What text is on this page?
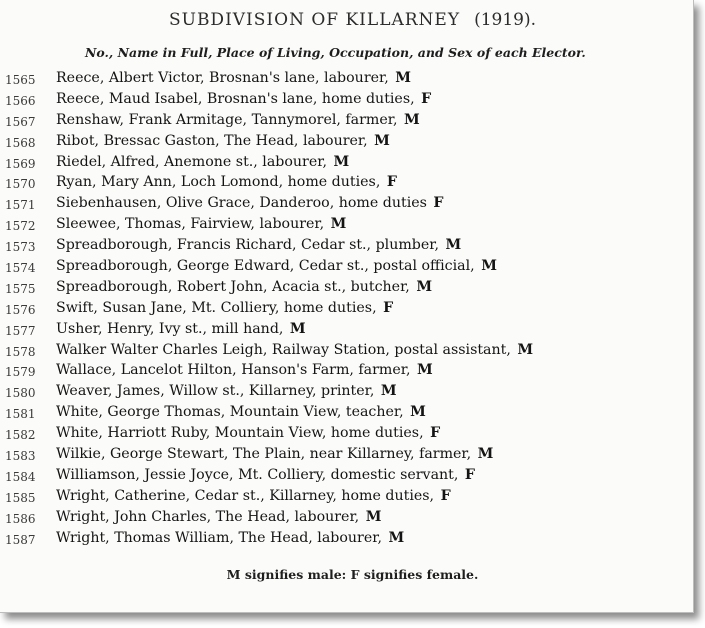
SUBDIVISION OF KILLARNEY (1919).
No., Name in Full, Place of Living, Occupation, and Sex of each Elector.
1565 Reece, Albert Victor, Brosnan's lane, labourer, M
1566 Reece, Maud Isabel, Brosnan's lane, home duties, F
1567 Renshaw, Frank Armitage, Tannymorel, farmer, M
1568 Ribot, Bressac Gaston, The Head, labourer, M
1569 Riedel, Alfred, Anemone st., labourer, M
1570 Ryan, Mary Ann, Loch Lomond, home duties, F
1571 Siebenhausen, Olive Grace, Danderoo, home duties F
1572 Sleewee, Thomas, Fairview, labourer, M
1573 Spreadborough, Francis Richard, Cedar st., plumber, M
1574 Spreadborough, George Edward, Cedar st., postal official, M
1575 Spreadborough, Robert John, Acacia st., butcher, M
1576 Swift, Susan Jane, Mt. Colliery, home duties, F
1577 Usher, Henry, Ivy st., mill hand, M
1578 Walker Walter Charles Leigh, Railway Station, postal assistant, M
1579 Wallace, Lancelot Hilton, Hanson's Farm, farmer, M
1580 Weaver, James, Willow st., Killarney, printer, M
1581 White, George Thomas, Mountain View, teacher, M
1582 White, Harriott Ruby, Mountain View, home duties, F
1583 Wilkie, George Stewart, The Plain, near Killarney, farmer, M
1584 Williamson, Jessie Joyce, Mt. Colliery, domestic servant, F
1585 Wright, Catherine, Cedar st., Killarney, home duties, F
1586 Wright, John Charles, The Head, labourer, M
1587 Wright, Thomas William, The Head, labourer, M
M signifies male: F signifies female.
